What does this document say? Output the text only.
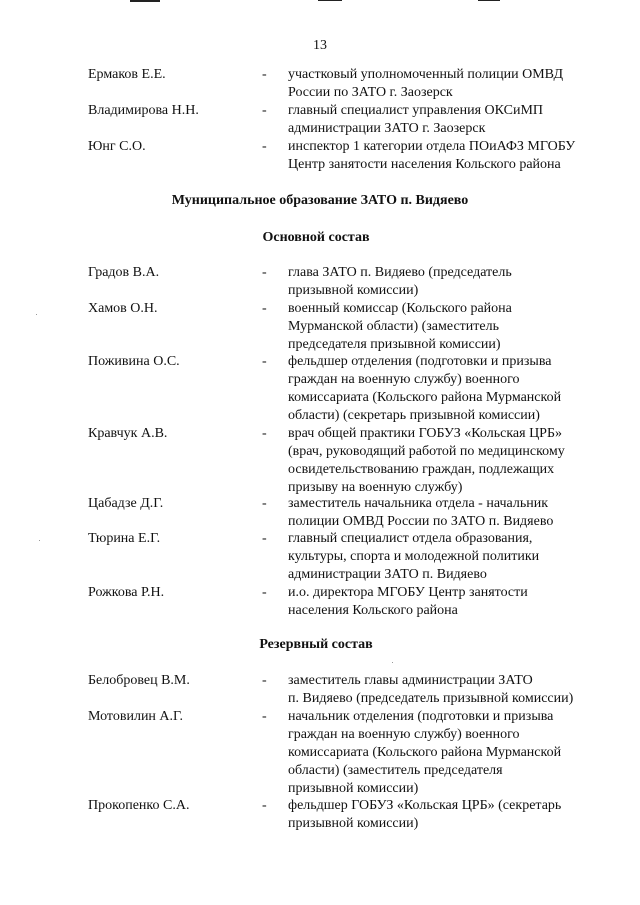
13
Ермаков Е.Е.	-	участковый уполномоченный полиции ОМВД
России по ЗАТО г. Заозерск
Владимирова Н.Н.	-	главный специалист управления ОКСиМП
администрации ЗАТО г. Заозерск
Юнг С.О.	-	инспектор 1 категории отдела ПОиАФЗ МГОБУ
Центр занятости населения Кольского района
Муниципальное образование ЗАТО п. Видяево
Основной состав
Градов В.А.	-	глава ЗАТО п. Видяево (председатель
призывной комиссии)
Хамов О.Н.	-	военный комиссар (Кольского района
Мурманской области) (заместитель
председателя призывной комиссии)
Поживина О.С.	-	фельдшер отделения (подготовки и призыва
граждан на военную службу) военного
комиссариата (Кольского района Мурманской
области) (секретарь призывной комиссии)
Кравчук А.В.	-	врач общей практики ГОБУЗ «Кольская ЦРБ»
(врач, руководящий работой по медицинскому
освидетельствованию граждан, подлежащих
призыву на военную службу)
Цабадзе Д.Г.	-	заместитель начальника отдела - начальник
полиции ОМВД России по ЗАТО п. Видяево
Тюрина Е.Г.	-	главный специалист отдела образования,
культуры, спорта и молодежной политики
администрации ЗАТО п. Видяево
Рожкова Р.Н.	-	и.о. директора МГОБУ Центр занятости
населения Кольского района
Резервный состав
Белобровец В.М.	-	заместитель главы администрации ЗАТО
п. Видяево (председатель призывной комиссии)
Мотовилин А.Г.	-	начальник отделения (подготовки и призыва
граждан на военную службу) военного
комиссариата (Кольского района Мурманской
области) (заместитель председателя
призывной комиссии)
Прокопенко С.А.	-	фельдшер ГОБУЗ «Кольская ЦРБ» (секретарь
призывной комиссии)
